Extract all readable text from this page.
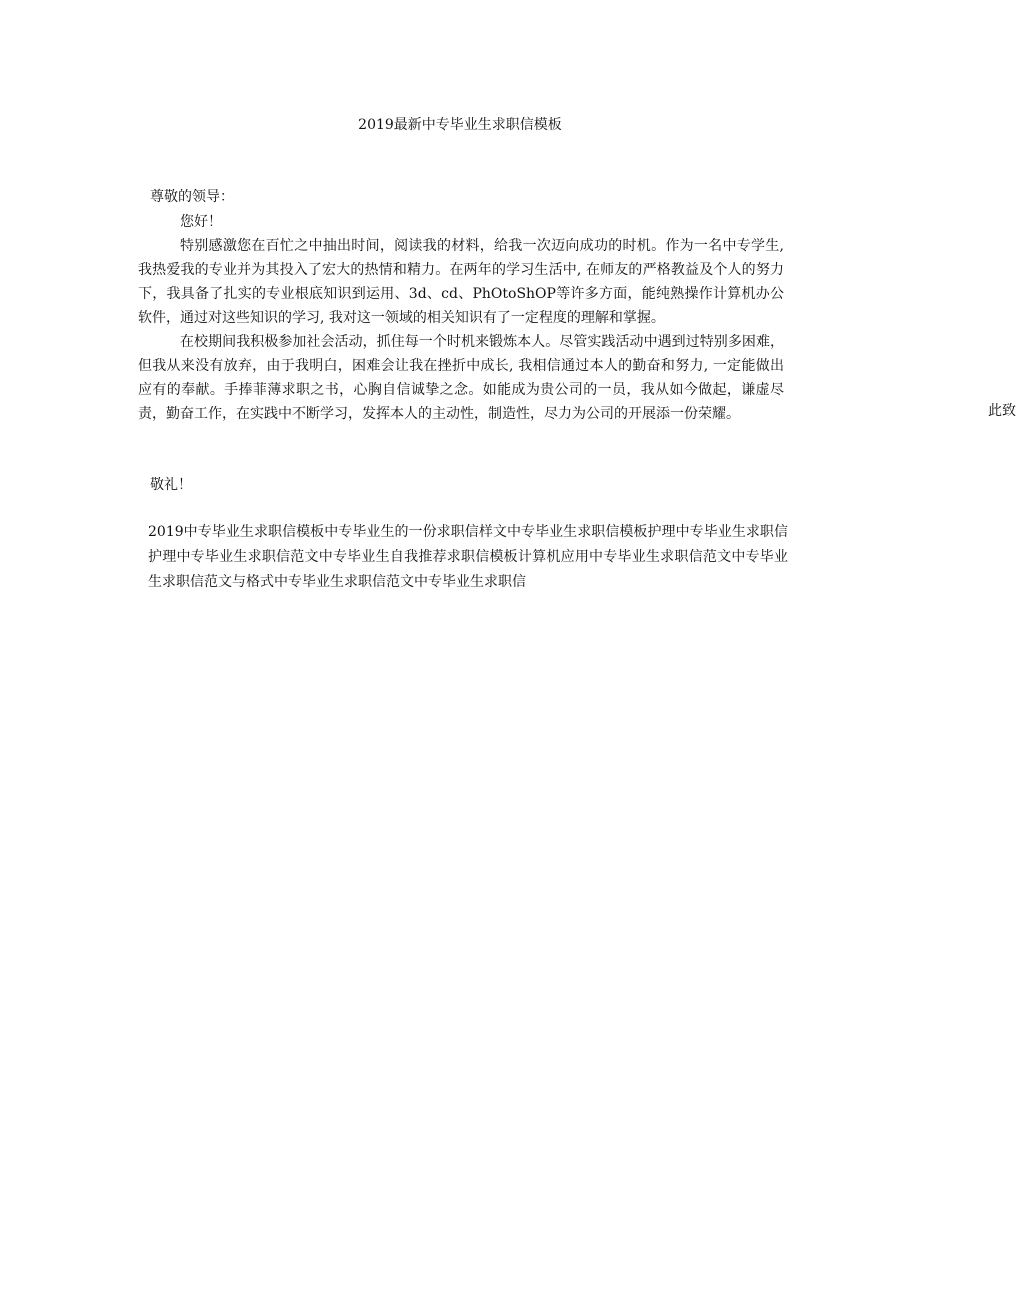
2019最新中专毕业生求职信模板
尊敬的领导：

您好！

特别感激您在百忙之中抽出时间，阅读我的材料，给我一次迈向成功的时机。作为一名中专学生, 我热爱我的专业并为其投入了宏大的热情和精力。在两年的学习生活中, 在师友的严格教益及个人的努力下，我具备了扎实的专业根底知识到运用、3d、cd、PhOtoShOP等许多方面，能纯熟操作计算机办公软件，通过对这些知识的学习, 我对这一领域的相关知识有了一定程度的理解和掌握。

在校期间我积极参加社会活动，抓住每一个时机来锻炼本人。尽管实践活动中遇到过特别多困难，但我从来没有放弃，由于我明白，困难会让我在挫折中成长, 我相信通过本人的勤奋和努力, 一定能做出应有的奉献。手捧菲薄求职之书，心胸自信诚挚之念。如能成为贵公司的一员，我从如今做起，谦虚尽责，勤奋工作，在实践中不断学习，发挥本人的主动性，制造性，尽力为公司的开展添一份荣耀。	此致

敬礼！
2019中专毕业生求职信模板中专毕业生的一份求职信样文中专毕业生求职信模板护理中专毕业生求职信护理中专毕业生求职信范文中专毕业生自我推荐求职信模板计算机应用中专毕业生求职信范文中专毕业生求职信范文与格式中专毕业生求职信范文中专毕业生求职信
